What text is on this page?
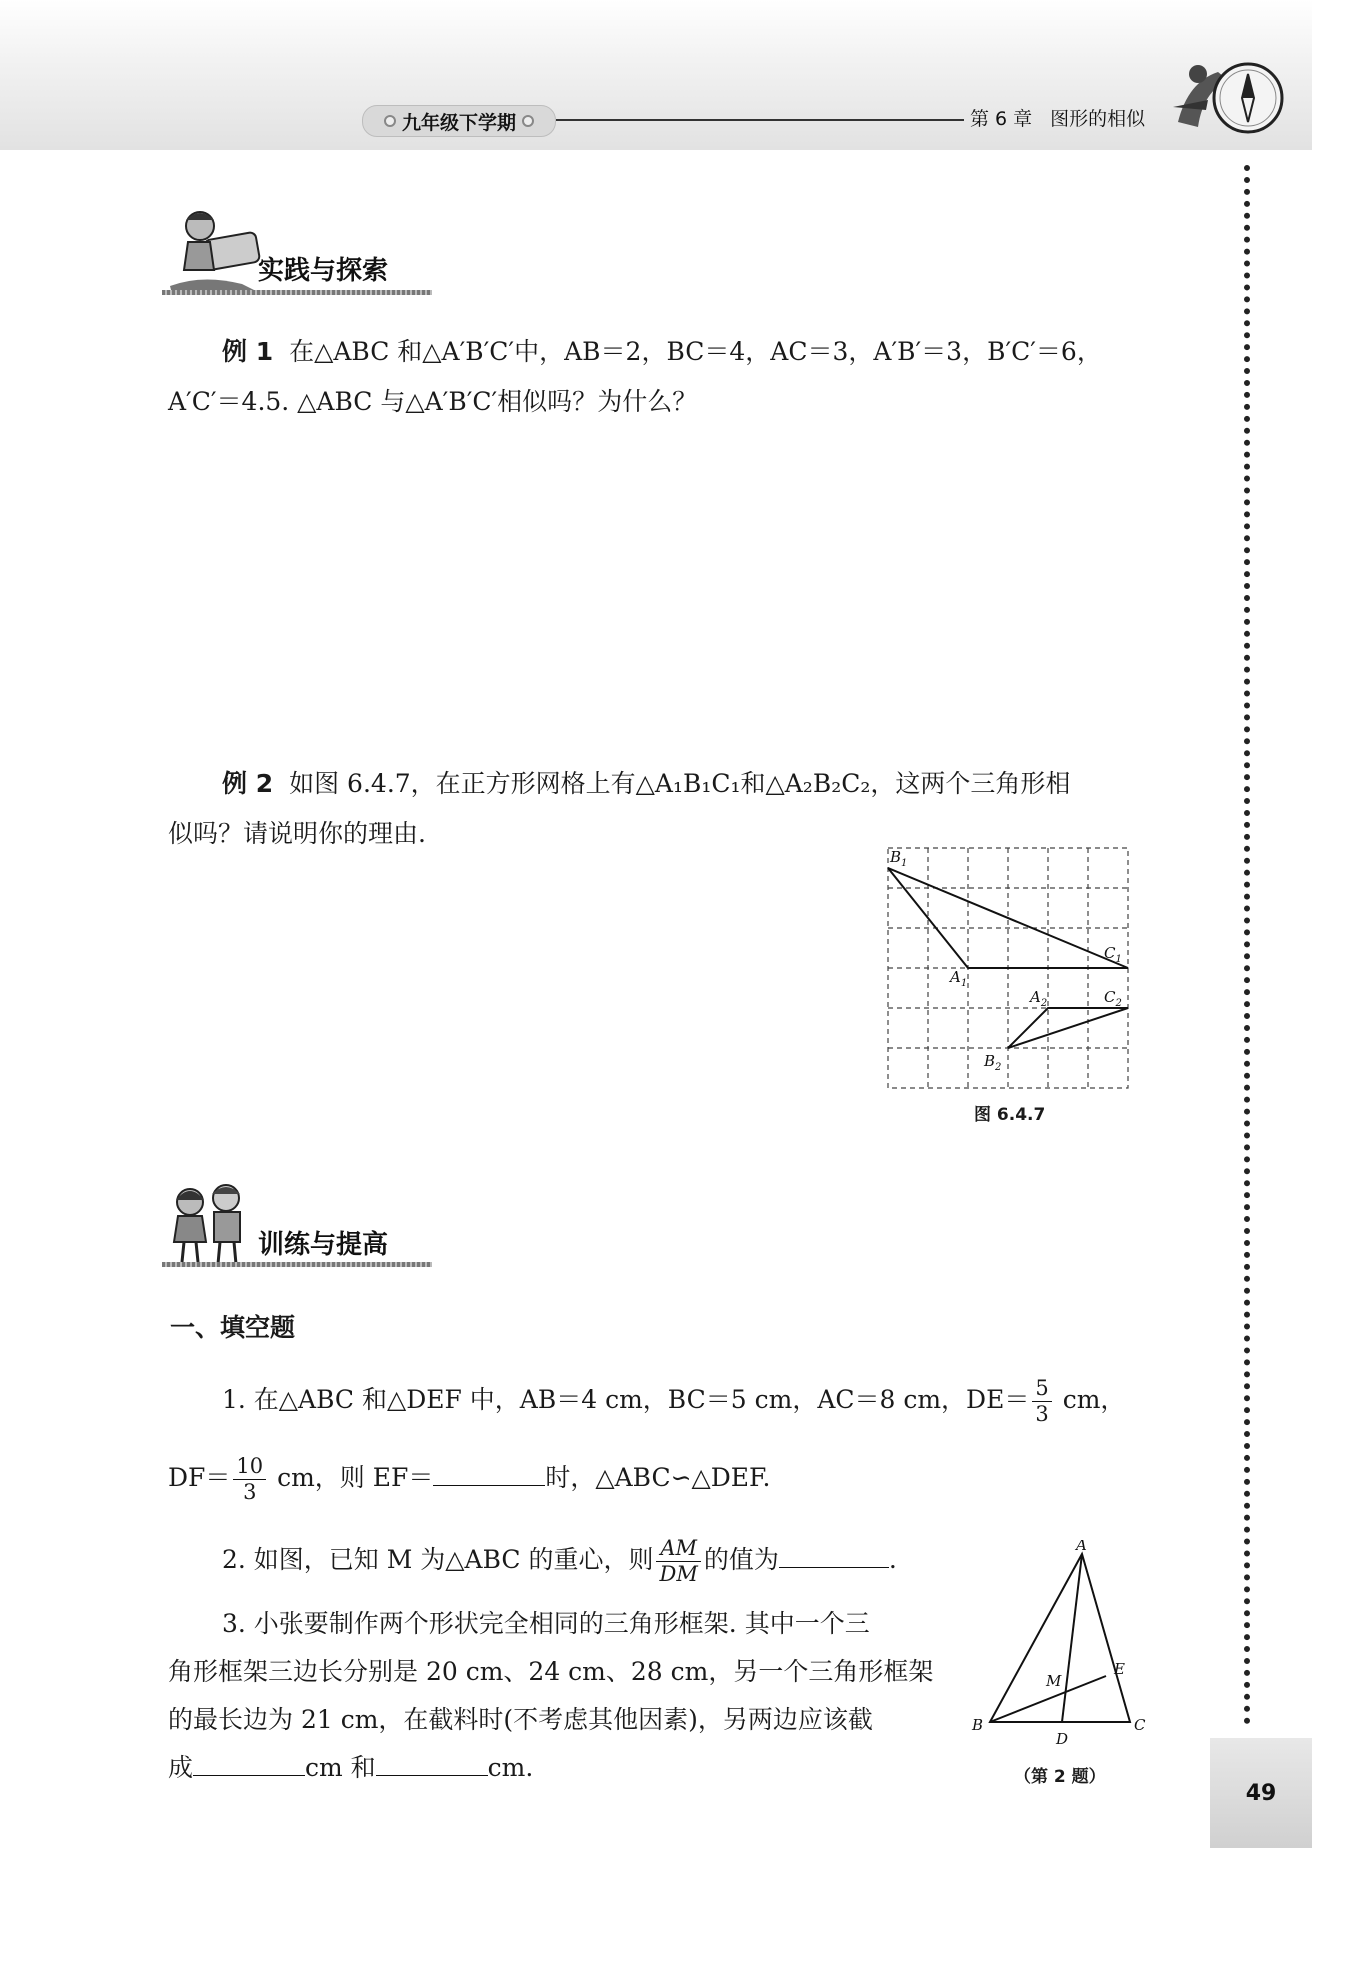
九年级下学期	第 6 章 图形的相似
实践与探索
例 1 在△ABC 和△A′B′C′中，AB＝2，BC＝4，AC＝3，A′B′＝3，B′C′＝6，
A′C′＝4.5. △ABC 与△A′B′C′相似吗？为什么？
例 2 如图 6.4.7，在正方形网格上有△A₁B₁C₁和△A₂B₂C₂，这两个三角形相
似吗？请说明你的理由.
$B_1$
$A_1$
$C_1$
$A_2$	$C_2$
$B_2$
图 6.4.7
训练与提高
一、填空题
1. 在△ABC 和△DEF 中，AB＝4 cm，BC＝5 cm，AC＝8 cm，$DE= \frac{5}{3}$ cm，
$DF= \frac{10}{3}$ cm，则 EF＝	时，△ABC∽△DEF.
2. 如图，已知 M 为△ABC 的重心，则 $\frac{AM}{DM}$ 的值为	.	A
B	C
D
E
M
（第 2 题）
3. 小张要制作两个形状完全相同的三角形框架. 其中一个三
角形框架三边长分别是 20 cm、24 cm、28 cm，另一个三角形框架
的最长边为 21 cm，在截料时(不考虑其他因素)，另两边应该截
成	cm 和	cm.
49
